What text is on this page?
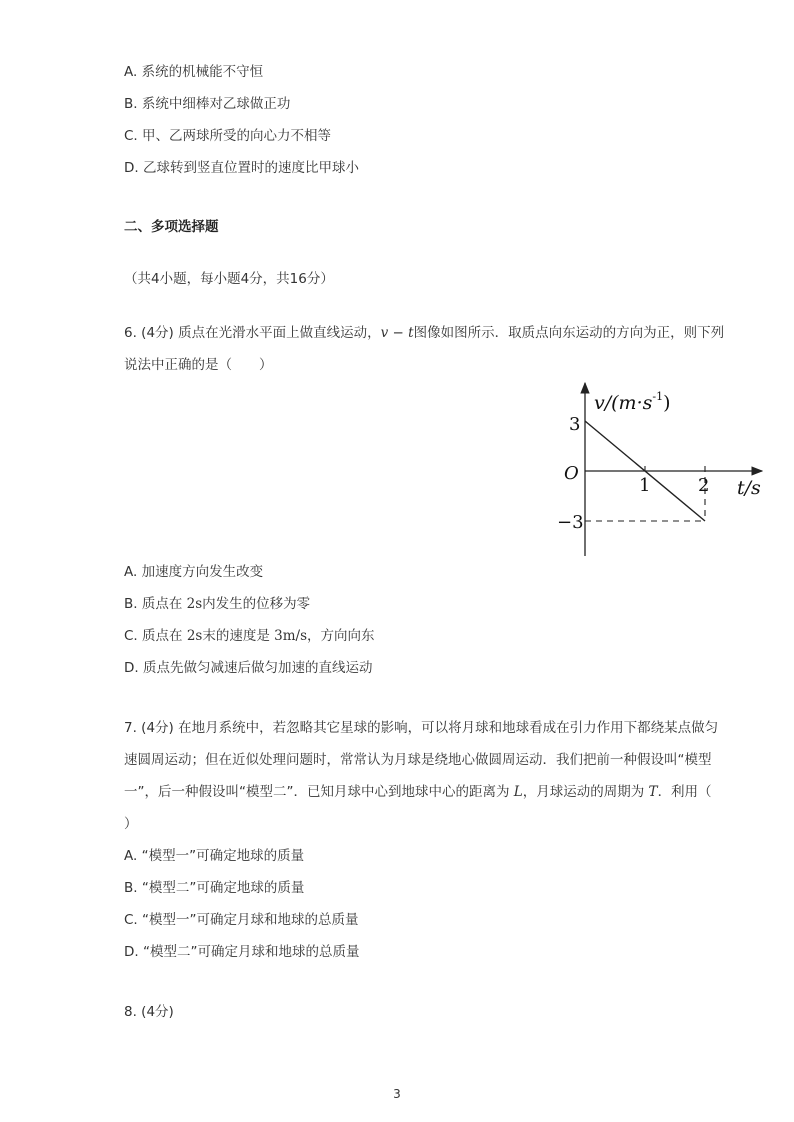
A. 系统的机械能不守恒
B. 系统中细棒对乙球做正功
C. 甲、乙两球所受的向心力不相等
D. 乙球转到竖直位置时的速度比甲球小
二、多项选择题
（共4小题，每小题4分，共16分）
6. (4分) 质点在光滑水平面上做直线运动，v − t图像如图所示．取质点向东运动的方向为正，则下列
说法中正确的是（　　）
$v/(m\cdot s^{-1})$
3
O
1	2 t/s
−3
A. 加速度方向发生改变
B. 质点在 2s内发生的位移为零
C. 质点在 2s末的速度是 3m/s，方向向东
D. 质点先做匀减速后做匀加速的直线运动
7. (4分) 在地月系统中，若忽略其它星球的影响，可以将月球和地球看成在引力作用下都绕某点做匀
速圆周运动；但在近似处理问题时，常常认为月球是绕地心做圆周运动．我们把前一种假设叫“模型
一”，后一种假设叫“模型二”．已知月球中心到地球中心的距离为 L，月球运动的周期为 T．利用（
）
A. “模型一”可确定地球的质量
B. “模型二”可确定地球的质量
C. “模型一”可确定月球和地球的总质量
D. “模型二”可确定月球和地球的总质量
8. (4分)
3
